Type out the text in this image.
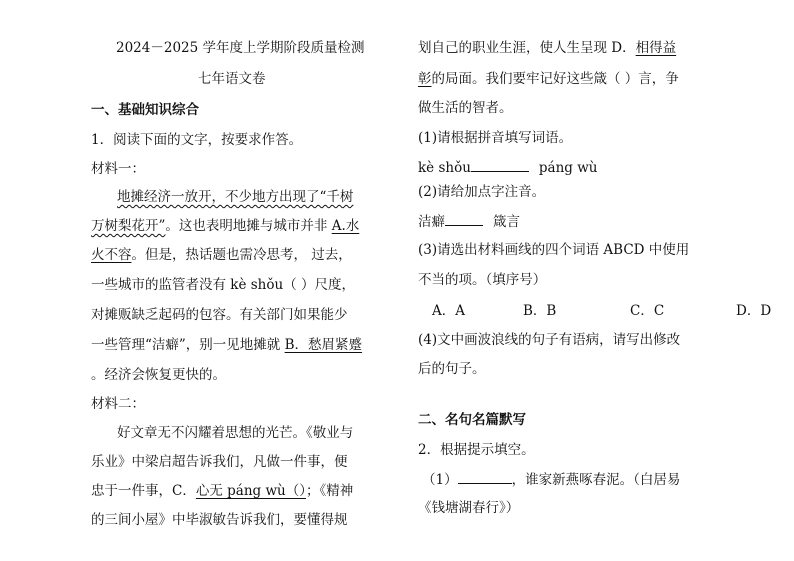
2024－2025 学年度上学期阶段质量检测
七年语文卷
一、基础知识综合
1．阅读下面的文字，按要求作答。
材料一：
地摊经济一放开，不少地方出现了“千树
万树梨花开”。这也表明地摊与城市并非 A.水
火不容。但是，热话题也需冷思考， 过去，
一些城市的监管者没有 kè shǒu（ ）尺度，
对摊贩缺乏起码的包容。有关部门如果能少
一些管理“洁癖”，别一见地摊就 B．愁眉紧蹙
。经济会恢复更快的。
材料二：
好文章无不闪耀着思想的光芒。《敬业与
乐业》中梁启超告诉我们，凡做一件事，便
忠于一件事，C．心无 páng wù（）；《精神
的三间小屋》中毕淑敏告诉我们，要懂得规
划自己的职业生涯，使人生呈现 D．相得益
彰的局面。我们要牢记好这些箴（ ）言，争
做生活的智者。
(1)请根据拼音填写词语。
kè shǒu	páng wù
(2)请给加点字注音。
洁癖	箴言
(3)请选出材料画线的四个词语 ABCD 中使用
不当的项。（填序号）
A．A	B．B	C．C	D．D
(4)文中画波浪线的句子有语病，请写出修改
后的句子。
二、名句名篇默写
2．根据提示填空。
（1）	，谁家新燕啄春泥。（白居易
《钱塘湖春行》）
